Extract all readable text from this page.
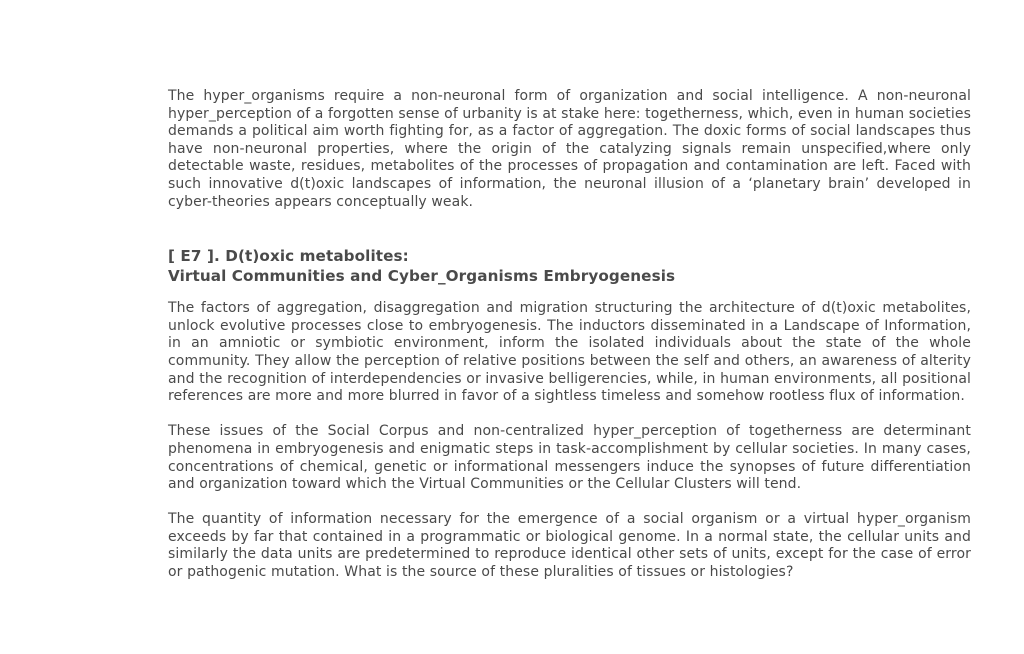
The hyper_organisms require a non-neuronal form of organization and social intelligence. A non-neuronal hyper_perception of a forgotten sense of urbanity is at stake here: togetherness, which, even in human societies demands a political aim worth fighting for, as a factor of aggregation. The doxic forms of social landscapes thus have non-neuronal properties, where the origin of the catalyzing signals remain unspecified,where only detectable waste, residues, metabolites of the processes of propagation and contamination are left. Faced with such innovative d(t)oxic landscapes of information, the neuronal illusion of a ‘planetary brain’ developed in cyber-theories appears conceptually weak.

[ E7 ]. D(t)oxic metabolites:
Virtual Communities and Cyber_Organisms Embryogenesis

The factors of aggregation, disaggregation and migration structuring the architecture of d(t)oxic metabolites, unlock evolutive processes close to embryogenesis. The inductors disseminated in a Landscape of Information, in an amniotic or symbiotic environment, inform the isolated individuals about the state of the whole community. They allow the perception of relative positions between the self and others, an awareness of alterity and the recognition of interdependencies or invasive belligerencies, while, in human environments, all positional references are more and more blurred in favor of a sightless timeless and somehow rootless flux of information.

These issues of the Social Corpus and non-centralized hyper_perception of togetherness are determinant phenomena in embryogenesis and enigmatic steps in task-accomplishment by cellular societies. In many cases, concentrations of chemical, genetic or informational messengers induce the synopses of future differentiation and organization toward which the Virtual Communities or the Cellular Clusters will tend.

The quantity of information necessary for the emergence of a social organism or a virtual hyper_organism exceeds by far that contained in a programmatic or biological genome. In a normal state, the cellular units and similarly the data units are predetermined to reproduce identical other sets of units, except for the case of error or pathogenic mutation. What is the source of these pluralities of tissues or histologies?
